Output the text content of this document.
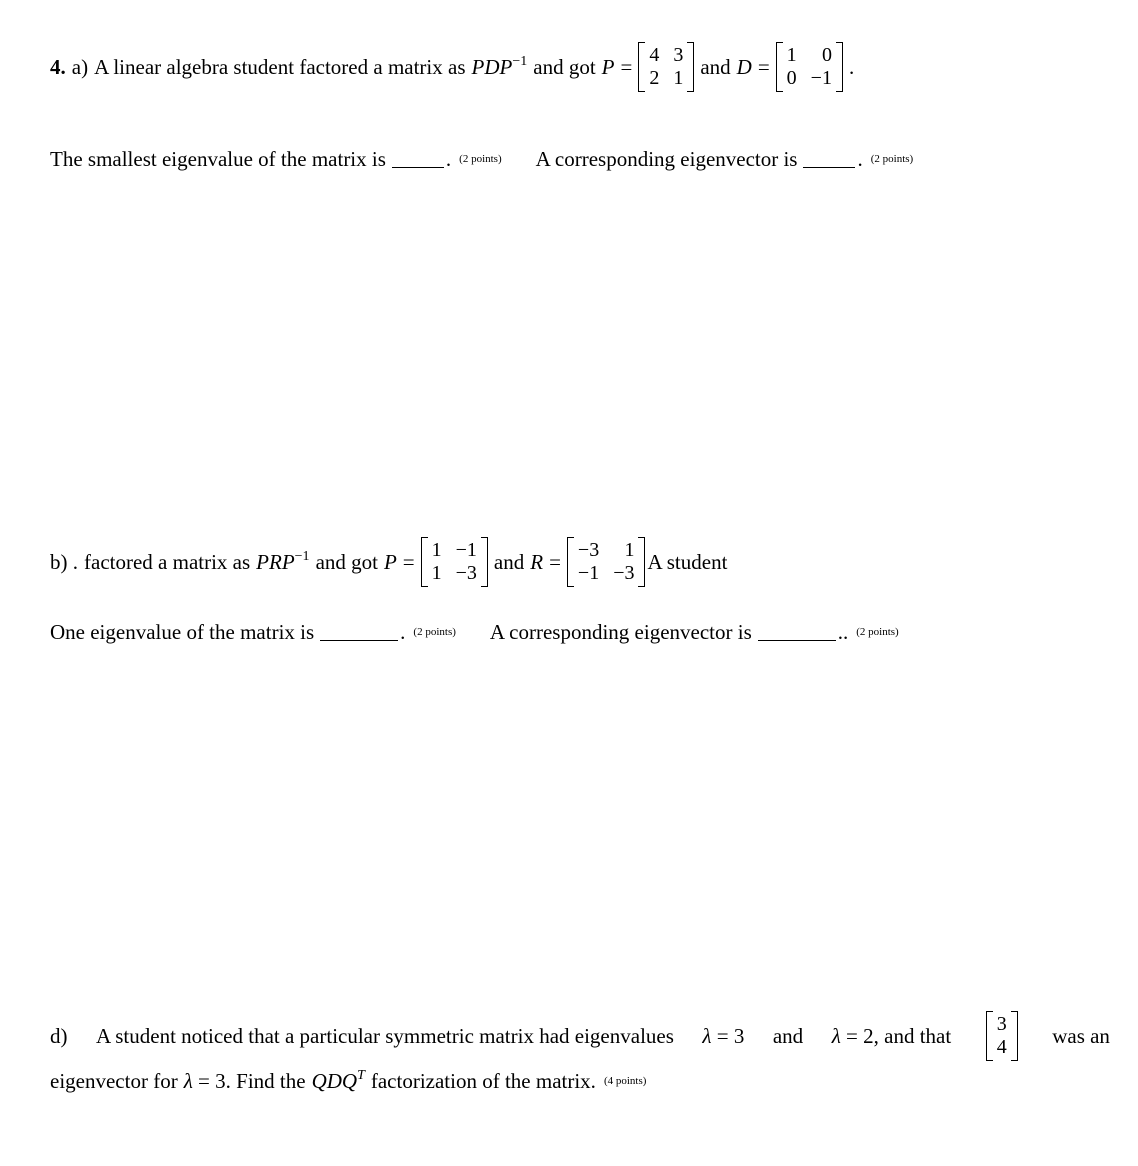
4. a) A linear algebra student factored a matrix as $PDP^{-1}$ and got P = 4 3
2 1 and D = 1	0
0 −1 .
The smallest eigenvalue of the matrix is	. (2 points) A corresponding eigenvector is	. (2 points)
b) . factored a matrix as $PRP^{-1}$ and got P = 1 −1
1 −3 and R = −3	1
−1 −3 A student
One eigenvalue of the matrix is	. (2 points) A corresponding eigenvector is	.. (2 points)
d) A student noticed that a particular symmetric matrix had eigenvalues λ = 3 and λ = 2, and that 3
4 was an
eigenvector for λ = 3 . Find the $QDQ^T$ factorization of the matrix. (4 points)
